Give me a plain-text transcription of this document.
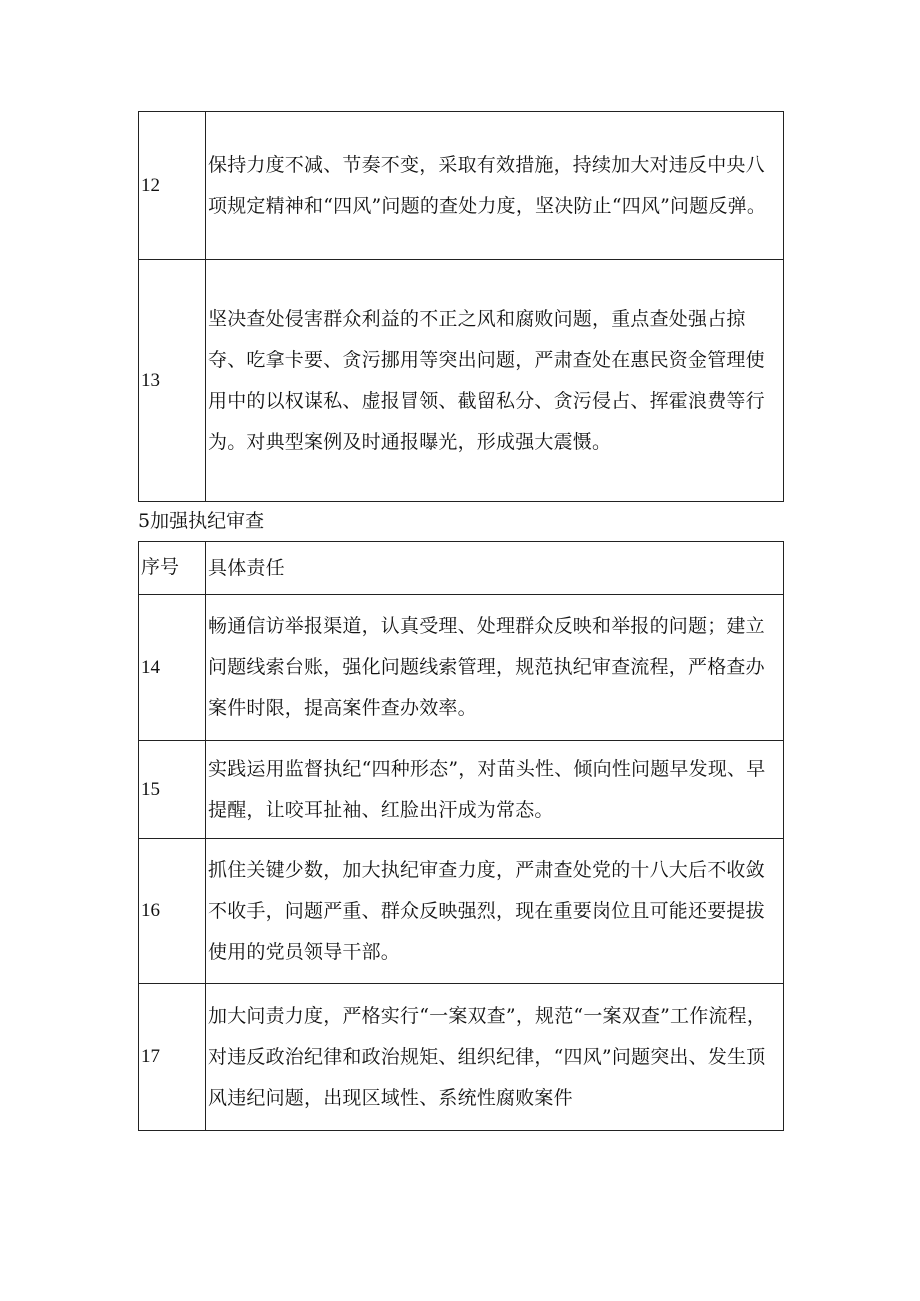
12	保持力度不减、节奏不变，采取有效措施，持续加大对违反中央八项规定精神和“四风”问题的查处力度，坚决防止“四风”问题反弹。
13	坚决查处侵害群众利益的不正之风和腐败问题，重点查处强占掠夺、吃拿卡要、贪污挪用等突出问题，严肃查处在惠民资金管理使用中的以权谋私、虚报冒领、截留私分、贪污侵占、挥霍浪费等行为。对典型案例及时通报曝光，形成强大震慑。
5加强执纪审查
序号	具体责任
14	畅通信访举报渠道，认真受理、处理群众反映和举报的问题；建立问题线索台账，强化问题线索管理，规范执纪审查流程，严格查办案件时限，提高案件查办效率。
15	实践运用监督执纪“四种形态”，对苗头性、倾向性问题早发现、早提醒，让咬耳扯袖、红脸出汗成为常态。
16	抓住关键少数，加大执纪审查力度，严肃查处党的十八大后不收敛不收手，问题严重、群众反映强烈，现在重要岗位且可能还要提拔使用的党员领导干部。
17	加大问责力度，严格实行“一案双查”，规范“一案双查”工作流程，对违反政治纪律和政治规矩、组织纪律，“四风”问题突出、发生顶风违纪问题，出现区域性、系统性腐败案件
